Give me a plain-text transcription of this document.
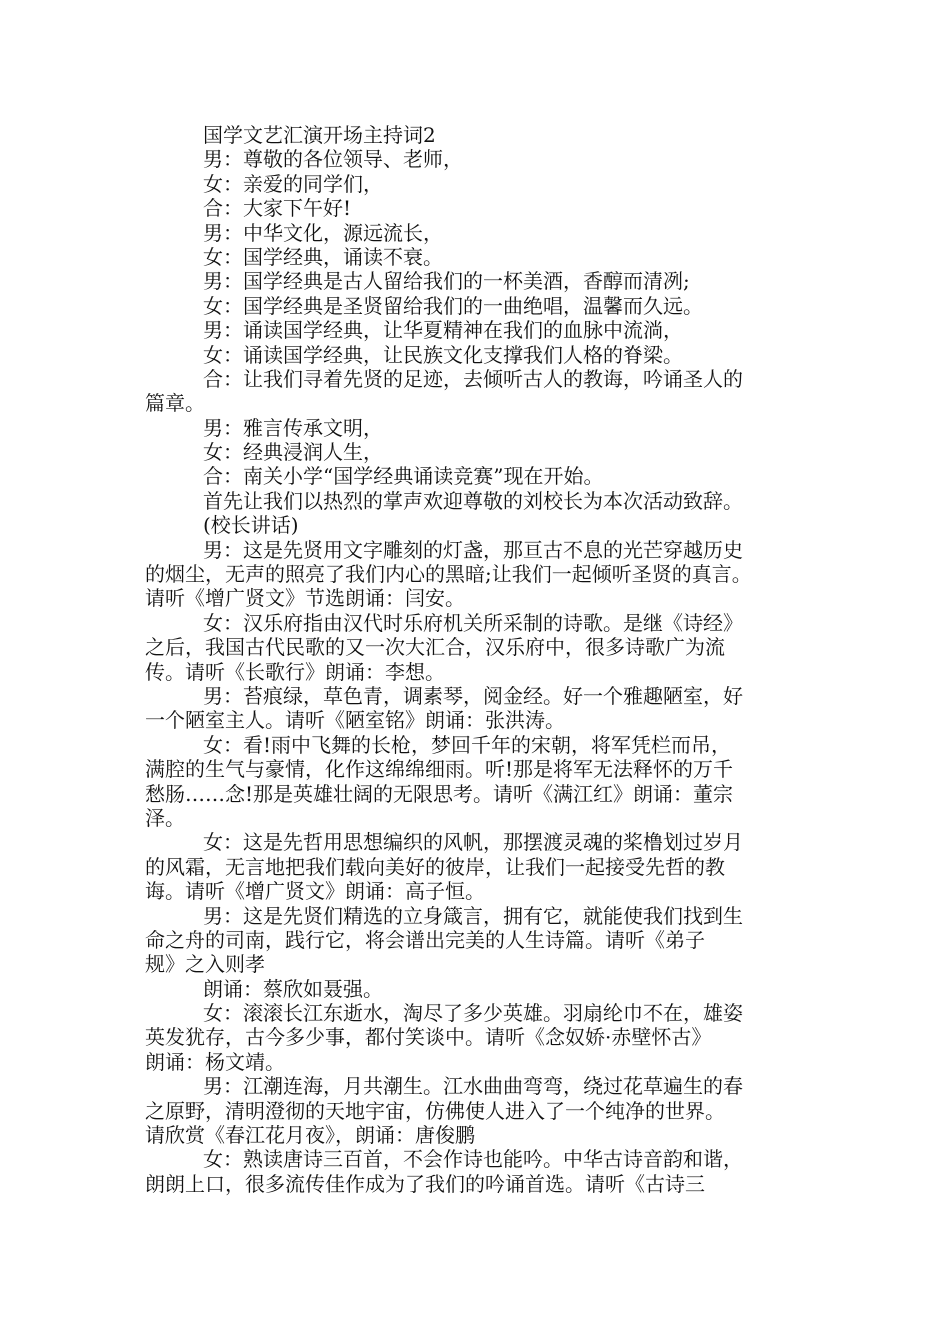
国学文艺汇演开场主持词2
男：尊敬的各位领导、老师，
女：亲爱的同学们，
合：大家下午好!
男：中华文化，源远流长，
女：国学经典，诵读不衰。
男：国学经典是古人留给我们的一杯美酒，香醇而清冽;
女：国学经典是圣贤留给我们的一曲绝唱，温馨而久远。
男：诵读国学经典，让华夏精神在我们的血脉中流淌，
女：诵读国学经典，让民族文化支撑我们人格的脊梁。
合：让我们寻着先贤的足迹，去倾听古人的教诲，吟诵圣人的
篇章。
男：雅言传承文明，
女：经典浸润人生，
合：南关小学“国学经典诵读竞赛”现在开始。
首先让我们以热烈的掌声欢迎尊敬的刘校长为本次活动致辞。
(校长讲话)
男：这是先贤用文字雕刻的灯盏，那亘古不息的光芒穿越历史
的烟尘，无声的照亮了我们内心的黑暗;让我们一起倾听圣贤的真言。
请听《增广贤文》节选朗诵：闫安。
女：汉乐府指由汉代时乐府机关所采制的诗歌。是继《诗经》
之后，我国古代民歌的又一次大汇合，汉乐府中，很多诗歌广为流
传。请听《长歌行》朗诵：李想。
男：苔痕绿，草色青，调素琴，阅金经。好一个雅趣陋室，好
一个陋室主人。请听《陋室铭》朗诵：张洪涛。
女：看!雨中飞舞的长枪，梦回千年的宋朝，将军凭栏而吊，
满腔的生气与豪情，化作这绵绵细雨。听!那是将军无法释怀的万千
愁肠……念!那是英雄壮阔的无限思考。请听《满江红》朗诵：董宗
泽。
女：这是先哲用思想编织的风帆，那摆渡灵魂的桨橹划过岁月
的风霜，无言地把我们载向美好的彼岸，让我们一起接受先哲的教
诲。请听《增广贤文》朗诵：高子恒。
男：这是先贤们精选的立身箴言，拥有它，就能使我们找到生
命之舟的司南，践行它，将会谱出完美的人生诗篇。请听《弟子
规》之入则孝
朗诵：蔡欣如聂强。
女：滚滚长江东逝水，淘尽了多少英雄。羽扇纶巾不在，雄姿
英发犹存，古今多少事，都付笑谈中。请听《念奴娇·赤壁怀古》
朗诵：杨文靖。
男：江潮连海，月共潮生。江水曲曲弯弯，绕过花草遍生的春
之原野，清明澄彻的天地宇宙，仿佛使人进入了一个纯净的世界。
请欣赏《春江花月夜》，朗诵：唐俊鹏
女：熟读唐诗三百首，不会作诗也能吟。中华古诗音韵和谐，
朗朗上口，很多流传佳作成为了我们的吟诵首选。请听《古诗三
